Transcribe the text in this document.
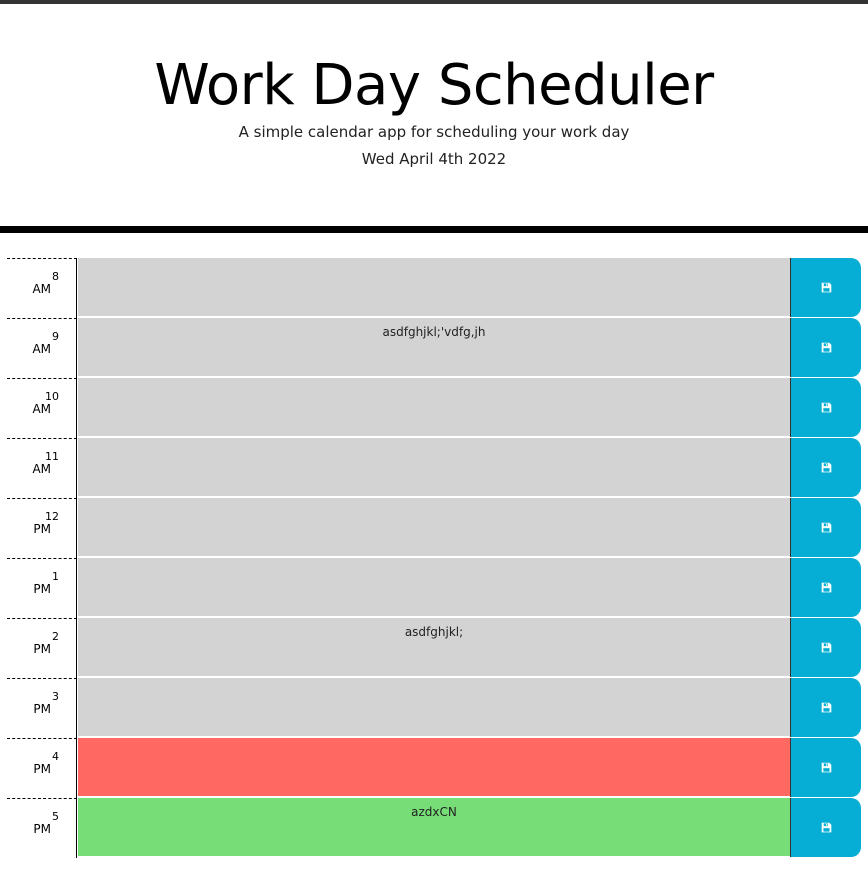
Work Day Scheduler
A simple calendar app for scheduling your work day
Wed April 4th 2022
8
AM
9
AM
asdfghjkl;'vdfg,jh
10
AM
11
AM
12
PM
1
PM
2
PM
asdfghjkl;
3
PM
4
PM
5
PM
azdxCN
